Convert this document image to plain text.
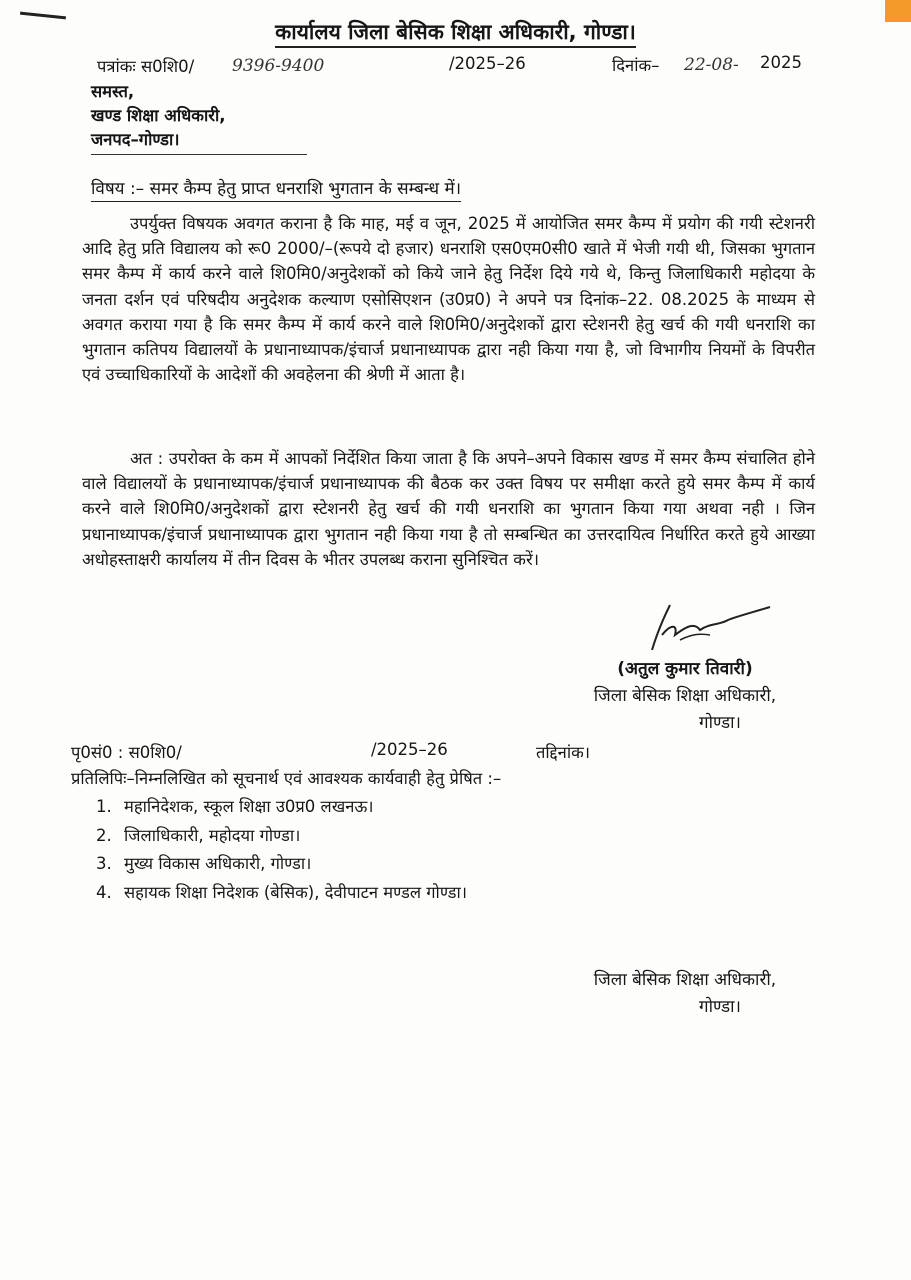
कार्यालय जिला बेसिक शिक्षा अधिकारी, गोण्डा।
पत्रांकः स0शि0/ 9396-9400	/2025–26	दिनांक– 22-08- 2025
समस्त,
खण्ड शिक्षा अधिकारी,
जनपद–गोण्डा।
विषय :– समर कैम्प हेतु प्राप्त धनराशि भुगतान के सम्बन्ध में।

उपर्युक्त विषयक अवगत कराना है कि माह, मई व जून, 2025 में आयोजित समर कैम्प में प्रयोग की गयी स्टेशनरी आदि हेतु प्रति विद्यालय को रू0 2000/–(रूपये दो हजार) धनराशि एस0एम0सी0 खाते में भेजी गयी थी, जिसका भुगतान समर कैम्प में कार्य करने वाले शि0मि0/अनुदेशकों को किये जाने हेतु निर्देश दिये गये थे, किन्तु जिलाधिकारी महोदया के जनता दर्शन एवं परिषदीय अनुदेशक कल्याण एसोसिएशन (उ0प्र0) ने अपने पत्र दिनांक–22. 08.2025 के माध्यम से अवगत कराया गया है कि समर कैम्प में कार्य करने वाले शि0मि0/अनुदेशकों द्वारा स्टेशनरी हेतु खर्च की गयी धनराशि का भुगतान कतिपय विद्यालयों के प्रधानाध्यापक/इंचार्ज प्रधानाध्यापक द्वारा नही किया गया है, जो विभागीय नियमों के विपरीत एवं उच्चाधिकारियों के आदेशों की अवहेलना की श्रेणी में आता है।

अत : उपरोक्त के कम में आपकों निर्देशित किया जाता है कि अपने–अपने विकास खण्ड में समर कैम्प संचालित होने वाले विद्यालयों के प्रधानाध्यापक/इंचार्ज प्रधानाध्यापक की बैठक कर उक्त विषय पर समीक्षा करते हुये समर कैम्प में कार्य करने वाले शि0मि0/अनुदेशकों द्वारा स्टेशनरी हेतु खर्च की गयी धनराशि का भुगतान किया गया अथवा नही । जिन प्रधानाध्यापक/इंचार्ज प्रधानाध्यापक द्वारा भुगतान नही किया गया है तो सम्बन्धित का उत्तरदायित्व निर्धारित करते हुये आख्या अधोहस्ताक्षरी कार्यालय में तीन दिवस के भीतर उपलब्ध कराना सुनिश्चित करें।

(अतुल कुमार तिवारी)
जिला बेसिक शिक्षा अधिकारी,
गोण्डा।
पृ0सं0 : स0शि0/	/2025–26	तद्दिनांक।
प्रतिलिपिः–निम्नलिखित को सूचनार्थ एवं आवश्यक कार्यवाही हेतु प्रेषित :–
1. महानिदेशक, स्कूल शिक्षा उ0प्र0 लखनऊ।
2. जिलाधिकारी, महोदया गोण्डा।
3. मुख्य विकास अधिकारी, गोण्डा।
4. सहायक शिक्षा निदेशक (बेसिक), देवीपाटन मण्डल गोण्डा।
जिला बेसिक शिक्षा अधिकारी,
गोण्डा।
